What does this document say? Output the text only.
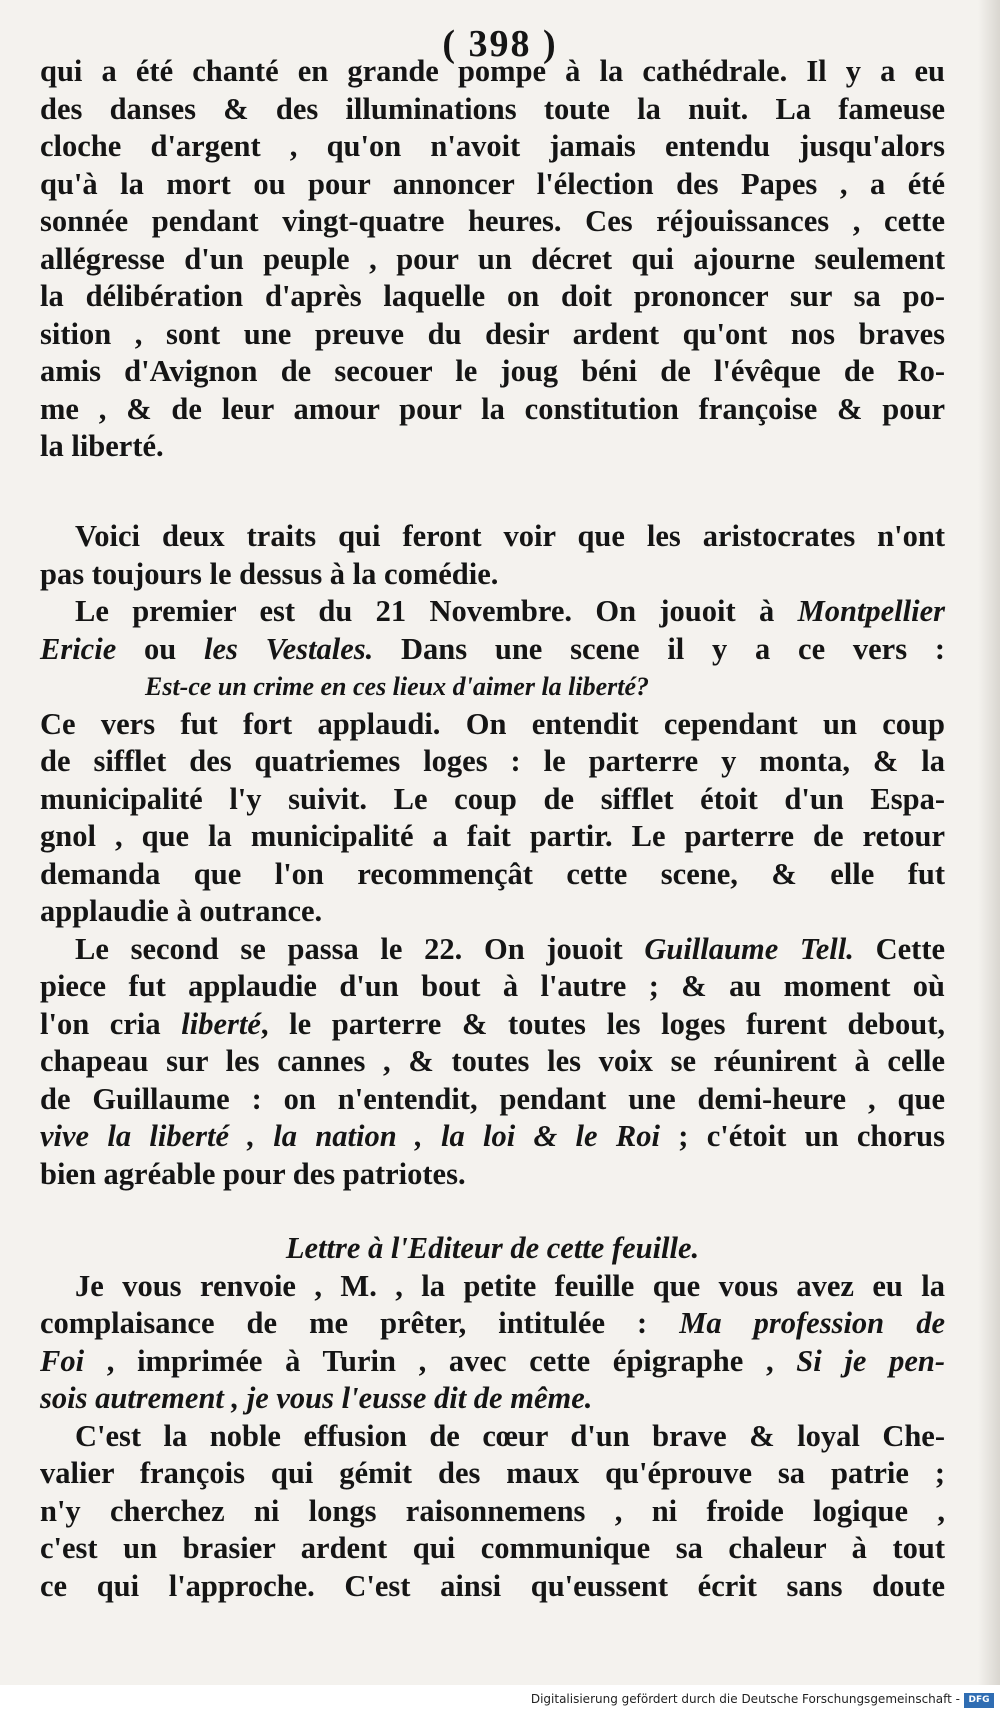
( 398 )
qui a été chanté en grande pompe à la cathédrale. Il y a eu
des danses & des illuminations toute la nuit. La fameuse
cloche d'argent , qu'on n'avoit jamais entendu jusqu'alors
qu'à la mort ou pour annoncer l'élection des Papes , a été
sonnée pendant vingt-quatre heures. Ces réjouissances , cette
allégresse d'un peuple , pour un décret qui ajourne seulement
la délibération d'après laquelle on doit prononcer sur sa po-
sition , sont une preuve du desir ardent qu'ont nos braves
amis d'Avignon de secouer le joug béni de l'évêque de Ro-
me , & de leur amour pour la constitution françoise & pour
la liberté.
Voici deux traits qui feront voir que les aristocrates n'ont
pas toujours le dessus à la comédie.
Le premier est du 21 Novembre. On jouoit à Montpellier
Ericie ou les Vestales. Dans une scene il y a ce vers :
Est-ce un crime en ces lieux d'aimer la liberté?
Ce vers fut fort applaudi. On entendit cependant un coup
de sifflet des quatriemes loges : le parterre y monta, & la
municipalité l'y suivit. Le coup de sifflet étoit d'un Espa-
gnol , que la municipalité a fait partir. Le parterre de retour
demanda que l'on recommençât cette scene, & elle fut
applaudie à outrance.
Le second se passa le 22. On jouoit Guillaume Tell. Cette
piece fut applaudie d'un bout à l'autre ; & au moment où
l'on cria liberté, le parterre & toutes les loges furent debout,
chapeau sur les cannes , & toutes les voix se réunirent à celle
de Guillaume : on n'entendit, pendant une demi-heure , que
vive la liberté , la nation , la loi & le Roi ; c'étoit un chorus
bien agréable pour des patriotes.
Lettre à l'Editeur de cette feuille.
Je vous renvoie , M. , la petite feuille que vous avez eu la
complaisance de me prêter, intitulée : Ma profession de
Foi , imprimée à Turin , avec cette épigraphe , Si je pen-
sois autrement , je vous l'eusse dit de même.
C'est la noble effusion de cœur d'un brave & loyal Che-
valier françois qui gémit des maux qu'éprouve sa patrie ;
n'y cherchez ni longs raisonnemens , ni froide logique ,
c'est un brasier ardent qui communique sa chaleur à tout
ce qui l'approche. C'est ainsi qu'eussent écrit sans doute
Digitalisierung gefördert durch die Deutsche Forschungsgemeinschaft - DFG
